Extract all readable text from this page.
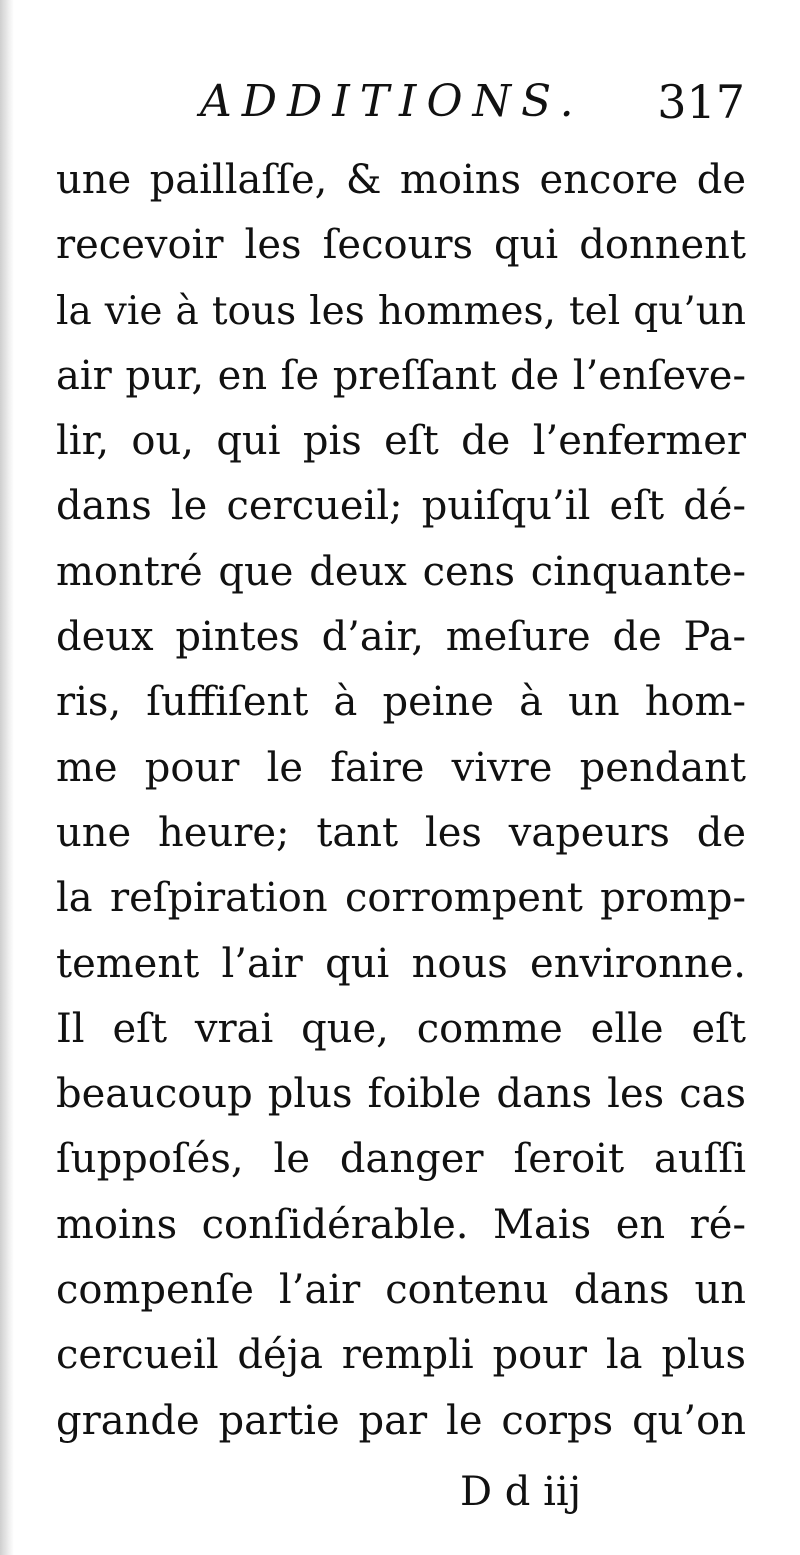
ADDITIONS. 317
une paillaſſe, & moins encore de
recevoir les ſecours qui donnent
la vie à tous les hommes, tel qu’un
air pur, en ſe preſſant de l’enſeve-
lir, ou, qui pis eſt de l’enfermer
dans le cercueil; puiſqu’il eſt dé-
montré que deux cens cinquante-
deux pintes d’air, meſure de Pa-
ris, ſuffiſent à peine à un hom-
me pour le faire vivre pendant
une heure; tant les vapeurs de
la reſpiration corrompent promp-
tement l’air qui nous environne.
Il eſt vrai que, comme elle eſt
beaucoup plus foible dans les cas
ſuppoſés, le danger ſeroit auſſi
moins conſidérable. Mais en ré-
compenſe l’air contenu dans un
cercueil déja rempli pour la plus
grande partie par le corps qu’on
D d iij
